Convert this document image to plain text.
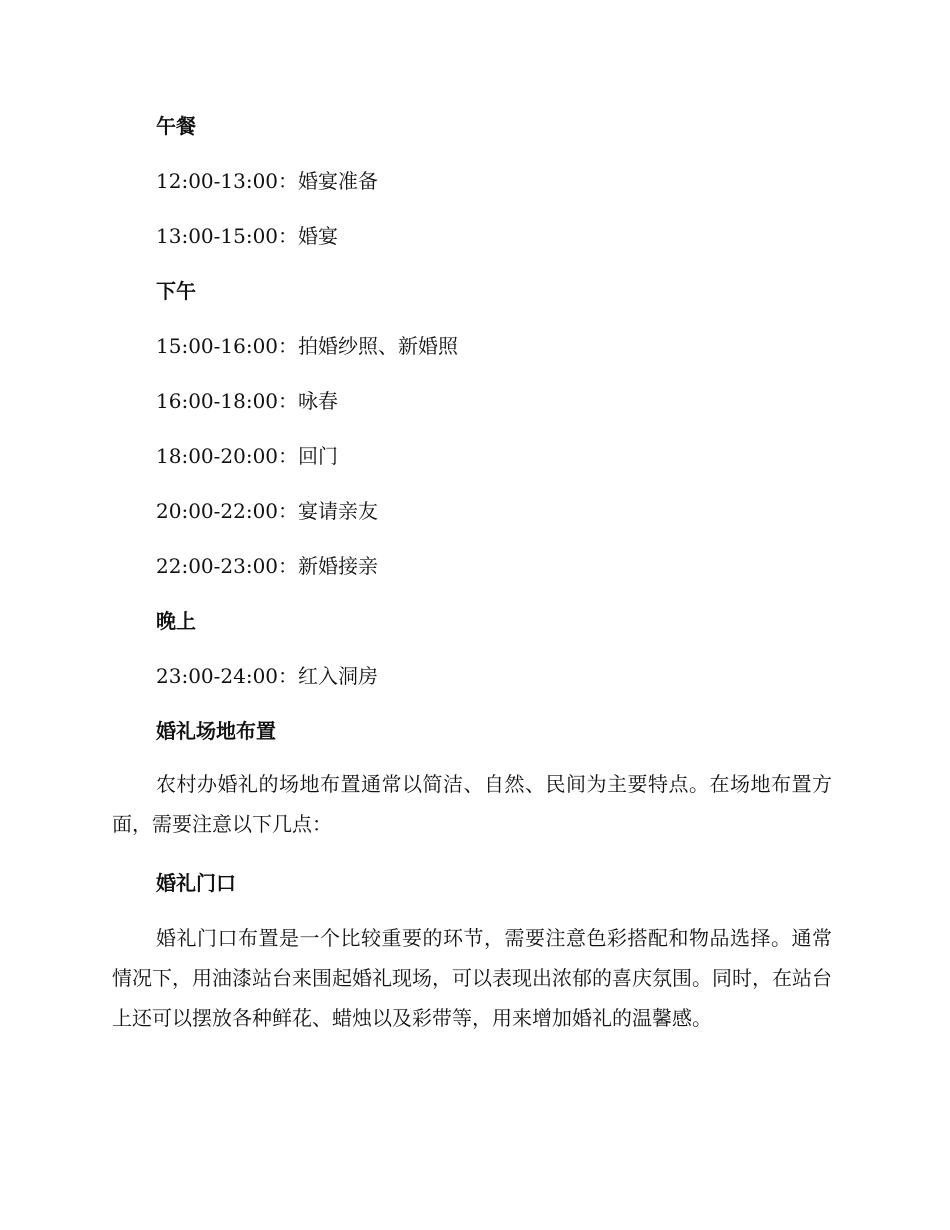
午餐
12:00-13:00：婚宴准备
13:00-15:00：婚宴
下午
15:00-16:00：拍婚纱照、新婚照
16:00-18:00：咏春
18:00-20:00：回门
20:00-22:00：宴请亲友
22:00-23:00：新婚接亲
晚上
23:00-24:00：红入洞房
婚礼场地布置
农村办婚礼的场地布置通常以简洁、自然、民间为主要特点。在场地布置方面，需要注意以下几点：
婚礼门口
婚礼门口布置是一个比较重要的环节，需要注意色彩搭配和物品选择。通常情况下，用油漆站台来围起婚礼现场，可以表现出浓郁的喜庆氛围。同时，在站台上还可以摆放各种鲜花、蜡烛以及彩带等，用来增加婚礼的温馨感。
